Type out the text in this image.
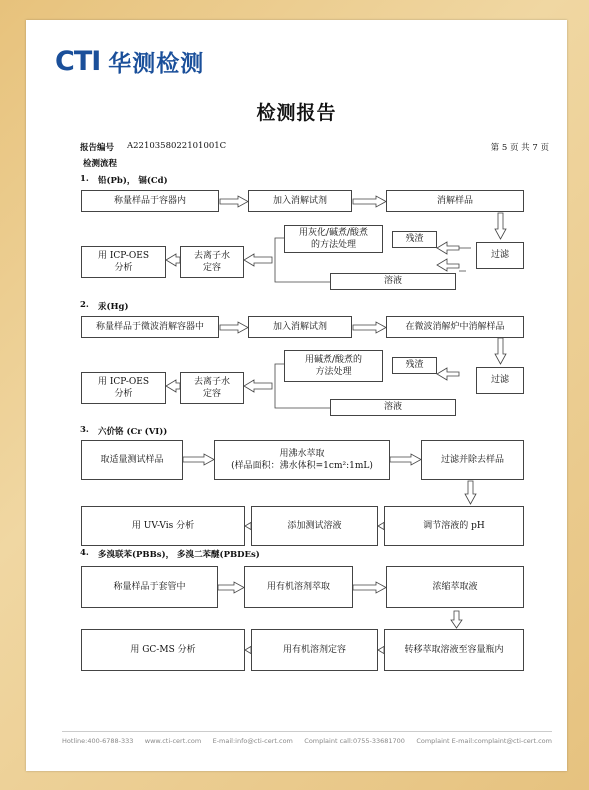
CTI 华测检测
检测报告
报告编号 A2210358022101001C	第 5 页 共 7 页
检测流程
1. 铅(Pb)， 镉(Cd)
2. 汞(Hg)
3. 六价铬 (Cr (VI))
4. 多溴联苯(PBBs)， 多溴二苯醚(PBDEs)
称量样品于容器内	加入消解试剂	消解样品
用灰化/碱煮/酸煮
的方法处理
残渣
过滤
溶液
去离子水
定容
用 ICP-OES
分析
称量样品于微波消解容器中	加入消解试剂	在微波消解炉中消解样品
用碱煮/酸煮的
方法处理
残渣
过滤
溶液
去离子水
定容
用 ICP-OES
分析
取适量测试样品
用沸水萃取
(样品面积：沸水体积=1cm²:1mL)
过滤并除去样品
调节溶液的 pH
添加测试溶液
用 UV-Vis 分析
称量样品于套管中	用有机溶剂萃取	浓缩萃取液
转移萃取溶液至容量瓶内
用有机溶剂定容
用 GC-MS 分析
Hotline:400-6788-333 www.cti-cert.com E-mail:info@cti-cert.com Complaint call:0755-33681700 Complaint E-mail:complaint@cti-cert.com
